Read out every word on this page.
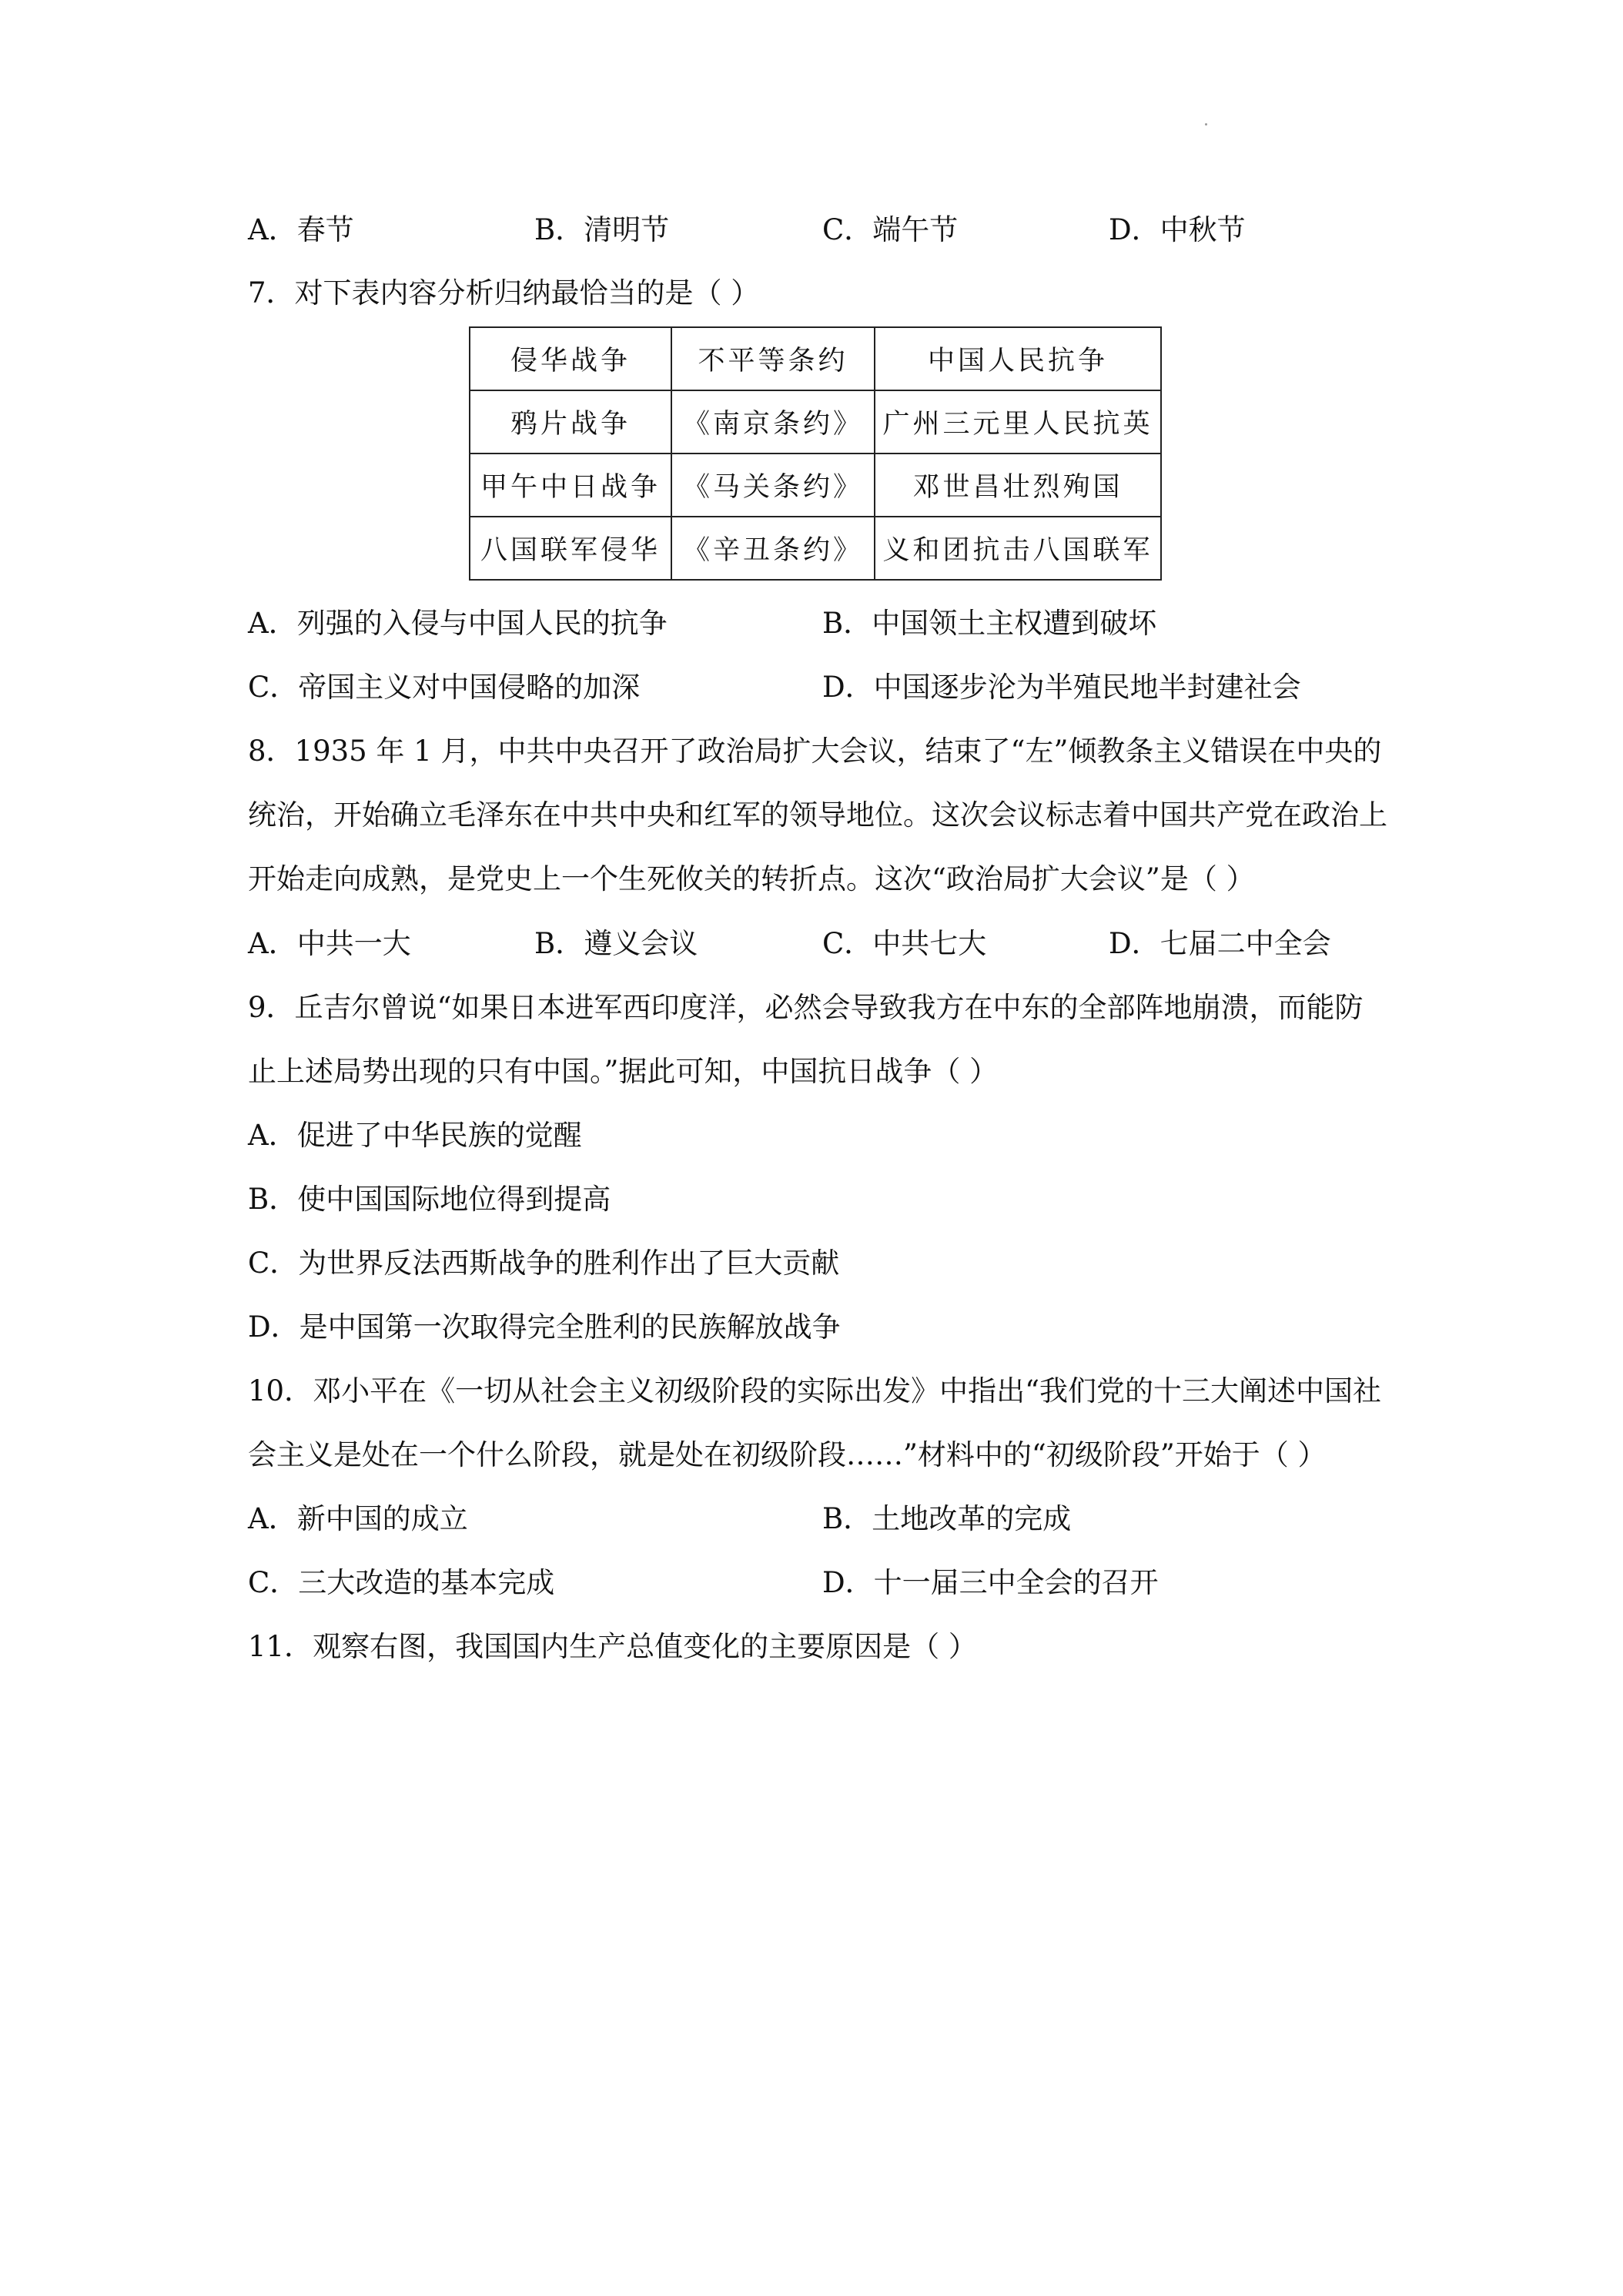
A．春节	B．清明节	C．端午节	D．中秋节
7．对下表内容分析归纳最恰当的是（ ）
侵华战争	不平等条约	中国人民抗争
鸦片战争	《南京条约》	广州三元里人民抗英
甲午中日战争	《马关条约》	邓世昌壮烈殉国
八国联军侵华	《辛丑条约》	义和团抗击八国联军
A．列强的入侵与中国人民的抗争	B．中国领土主权遭到破坏
C．帝国主义对中国侵略的加深	D．中国逐步沦为半殖民地半封建社会
8．1935 年 1 月，中共中央召开了政治局扩大会议，结束了“左”倾教条主义错误在中央的
统治，开始确立毛泽东在中共中央和红军的领导地位。这次会议标志着中国共产党在政治上
开始走向成熟，是党史上一个生死攸关的转折点。这次“政治局扩大会议”是（ ）
A．中共一大	B．遵义会议	C．中共七大	D．七届二中全会
9．丘吉尔曾说“如果日本进军西印度洋，必然会导致我方在中东的全部阵地崩溃，而能防
止上述局势出现的只有中国。”据此可知，中国抗日战争（ ）
A．促进了中华民族的觉醒
B．使中国国际地位得到提高
C．为世界反法西斯战争的胜利作出了巨大贡献
D．是中国第一次取得完全胜利的民族解放战争
10．邓小平在《一切从社会主义初级阶段的实际出发》中指出“我们党的十三大阐述中国社
会主义是处在一个什么阶段，就是处在初级阶段……”材料中的“初级阶段”开始于（ ）
A．新中国的成立	B．土地改革的完成
C．三大改造的基本完成	D．十一届三中全会的召开
11．观察右图，我国国内生产总值变化的主要原因是（ ）
